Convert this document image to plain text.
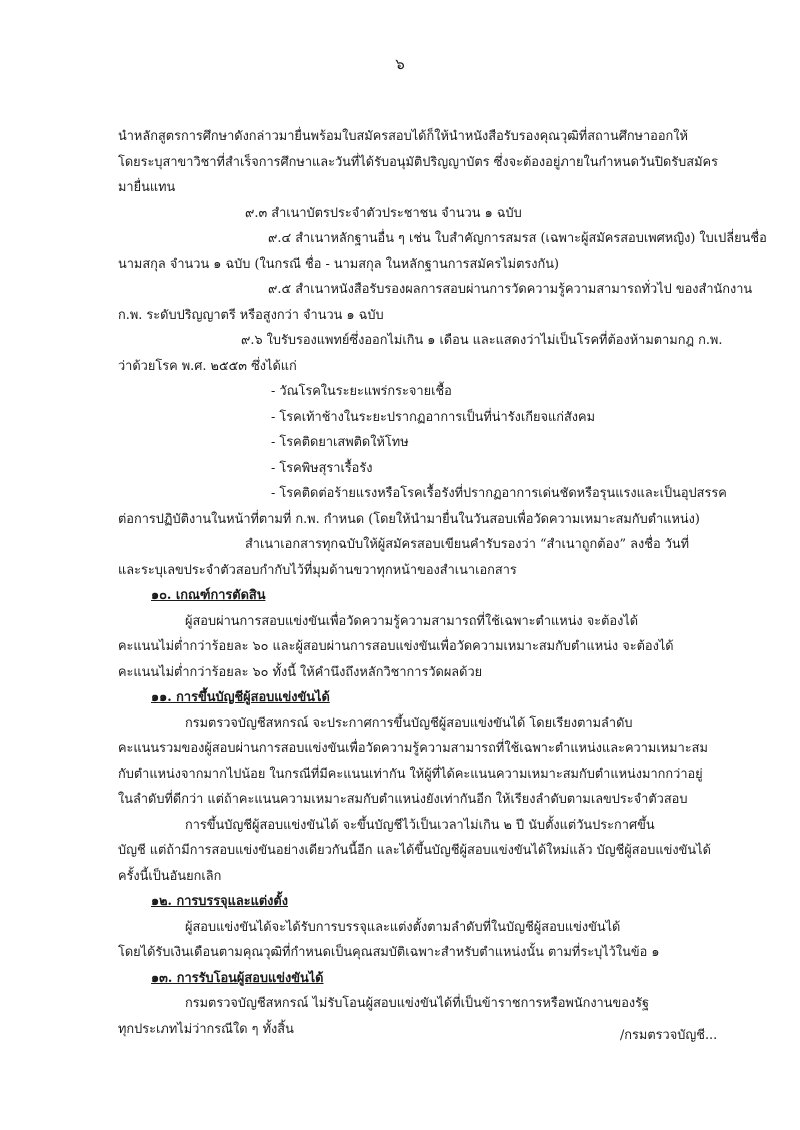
๖
นำหลักสูตรการศึกษาดังกล่าวมายื่นพร้อมใบสมัครสอบได้ก็ให้นำหนังสือรับรองคุณวุฒิที่สถานศึกษาออกให้
โดยระบุสาขาวิชาที่สำเร็จการศึกษาและวันที่ได้รับอนุมัติปริญญาบัตร ซึ่งจะต้องอยู่ภายในกำหนดวันปิดรับสมัคร
มายื่นแทน
๙.๓ สำเนาบัตรประจำตัวประชาชน จำนวน ๑ ฉบับ
๙.๔ สำเนาหลักฐานอื่น ๆ เช่น ใบสำคัญการสมรส (เฉพาะผู้สมัครสอบเพศหญิง) ใบเปลี่ยนชื่อ
นามสกุล จำนวน ๑ ฉบับ (ในกรณี ชื่อ - นามสกุล ในหลักฐานการสมัครไม่ตรงกัน)
๙.๕ สำเนาหนังสือรับรองผลการสอบผ่านการวัดความรู้ความสามารถทั่วไป ของสำนักงาน
ก.พ. ระดับปริญญาตรี หรือสูงกว่า จำนวน ๑ ฉบับ
๙.๖ ใบรับรองแพทย์ซึ่งออกไม่เกิน ๑ เดือน และแสดงว่าไม่เป็นโรคที่ต้องห้ามตามกฎ ก.พ.
ว่าด้วยโรค พ.ศ. ๒๕๕๓ ซึ่งได้แก่
- วัณโรคในระยะแพร่กระจายเชื้อ
- โรคเท้าช้างในระยะปรากฏอาการเป็นที่น่ารังเกียจแก่สังคม
- โรคติดยาเสพติดให้โทษ
- โรคพิษสุราเรื้อรัง
- โรคติดต่อร้ายแรงหรือโรคเรื้อรังที่ปรากฏอาการเด่นชัดหรือรุนแรงและเป็นอุปสรรค
ต่อการปฏิบัติงานในหน้าที่ตามที่ ก.พ. กำหนด (โดยให้นำมายื่นในวันสอบเพื่อวัดความเหมาะสมกับตำแหน่ง)
สำเนาเอกสารทุกฉบับให้ผู้สมัครสอบเขียนคำรับรองว่า “สำเนาถูกต้อง” ลงชื่อ วันที่
และระบุเลขประจำตัวสอบกำกับไว้ที่มุมด้านขวาทุกหน้าของสำเนาเอกสาร
๑๐. เกณฑ์การตัดสิน
ผู้สอบผ่านการสอบแข่งขันเพื่อวัดความรู้ความสามารถที่ใช้เฉพาะตำแหน่ง จะต้องได้
คะแนนไม่ต่ำกว่าร้อยละ ๖๐ และผู้สอบผ่านการสอบแข่งขันเพื่อวัดความเหมาะสมกับตำแหน่ง จะต้องได้
คะแนนไม่ต่ำกว่าร้อยละ ๖๐ ทั้งนี้ ให้คำนึงถึงหลักวิชาการวัดผลด้วย
๑๑. การขึ้นบัญชีผู้สอบแข่งขันได้
กรมตรวจบัญชีสหกรณ์ จะประกาศการขึ้นบัญชีผู้สอบแข่งขันได้ โดยเรียงตามลำดับ
คะแนนรวมของผู้สอบผ่านการสอบแข่งขันเพื่อวัดความรู้ความสามารถที่ใช้เฉพาะตำแหน่งและความเหมาะสม
กับตำแหน่งจากมากไปน้อย ในกรณีที่มีคะแนนเท่ากัน ให้ผู้ที่ได้คะแนนความเหมาะสมกับตำแหน่งมากกว่าอยู่
ในลำดับที่ดีกว่า แต่ถ้าคะแนนความเหมาะสมกับตำแหน่งยังเท่ากันอีก ให้เรียงลำดับตามเลขประจำตัวสอบ
การขึ้นบัญชีผู้สอบแข่งขันได้ จะขึ้นบัญชีไว้เป็นเวลาไม่เกิน ๒ ปี นับตั้งแต่วันประกาศขึ้น
บัญชี แต่ถ้ามีการสอบแข่งขันอย่างเดียวกันนี้อีก และได้ขึ้นบัญชีผู้สอบแข่งขันได้ใหม่แล้ว บัญชีผู้สอบแข่งขันได้
ครั้งนี้เป็นอันยกเลิก
๑๒. การบรรจุและแต่งตั้ง
ผู้สอบแข่งขันได้จะได้รับการบรรจุและแต่งตั้งตามลำดับที่ในบัญชีผู้สอบแข่งขันได้
โดยได้รับเงินเดือนตามคุณวุฒิที่กำหนดเป็นคุณสมบัติเฉพาะสำหรับตำแหน่งนั้น ตามที่ระบุไว้ในข้อ ๑
๑๓. การรับโอนผู้สอบแข่งขันได้
กรมตรวจบัญชีสหกรณ์ ไม่รับโอนผู้สอบแข่งขันได้ที่เป็นข้าราชการหรือพนักงานของรัฐ
ทุกประเภทไม่ว่ากรณีใด ๆ ทั้งสิ้น	/กรมตรวจบัญชี...
